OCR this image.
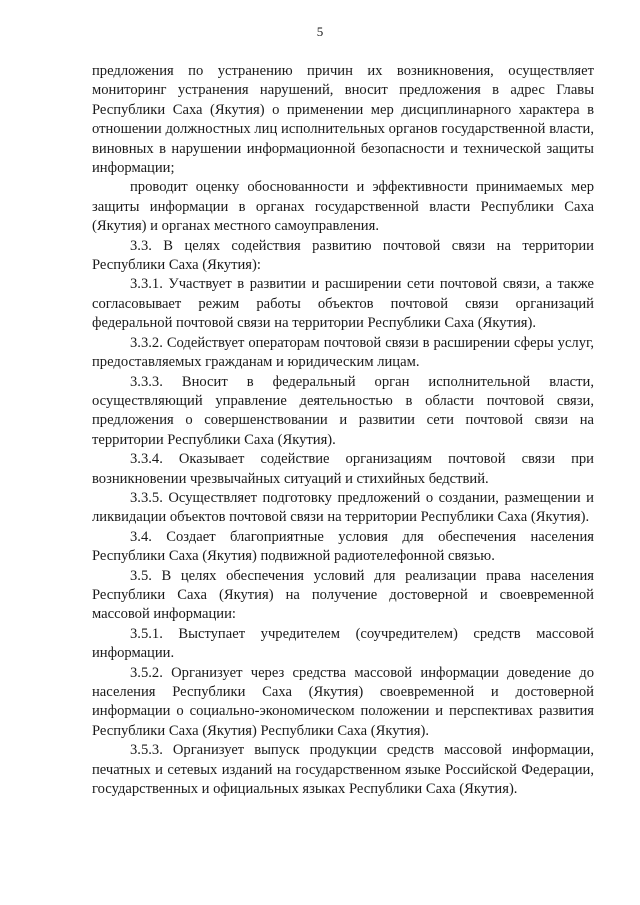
5

предложения по устранению причин их возникновения, осуществляет мониторинг устранения нарушений, вносит предложения в адрес Главы Республики Саха (Якутия) о применении мер дисциплинарного характера в отношении должностных лиц исполнительных органов государственной власти, виновных в нарушении информационной безопасности и технической защиты информации;

проводит оценку обоснованности и эффективности принимаемых мер защиты информации в органах государственной власти Республики Саха (Якутия) и органах местного самоуправления.

3.3. В целях содействия развитию почтовой связи на территории Республики Саха (Якутия):

3.3.1. Участвует в развитии и расширении сети почтовой связи, а также согласовывает режим работы объектов почтовой связи организаций федеральной почтовой связи на территории Республики Саха (Якутия).

3.3.2. Содействует операторам почтовой связи в расширении сферы услуг, предоставляемых гражданам и юридическим лицам.

3.3.3. Вносит в федеральный орган исполнительной власти, осуществляющий управление деятельностью в области почтовой связи, предложения о совершенствовании и развитии сети почтовой связи на территории Республики Саха (Якутия).

3.3.4. Оказывает содействие организациям почтовой связи при возникновении чрезвычайных ситуаций и стихийных бедствий.

3.3.5. Осуществляет подготовку предложений о создании, размещении и ликвидации объектов почтовой связи на территории Республики Саха (Якутия).

3.4. Создает благоприятные условия для обеспечения населения Республики Саха (Якутия) подвижной радиотелефонной связью.

3.5. В целях обеспечения условий для реализации права населения Республики Саха (Якутия) на получение достоверной и своевременной массовой информации:

3.5.1. Выступает учредителем (соучредителем) средств массовой информации.

3.5.2. Организует через средства массовой информации доведение до населения Республики Саха (Якутия) своевременной и достоверной информации о социально-экономическом положении и перспективах развития Республики Саха (Якутия) Республики Саха (Якутия).

3.5.3. Организует выпуск продукции средств массовой информации, печатных и сетевых изданий на государственном языке Российской Федерации, государственных и официальных языках Республики Саха (Якутия).
